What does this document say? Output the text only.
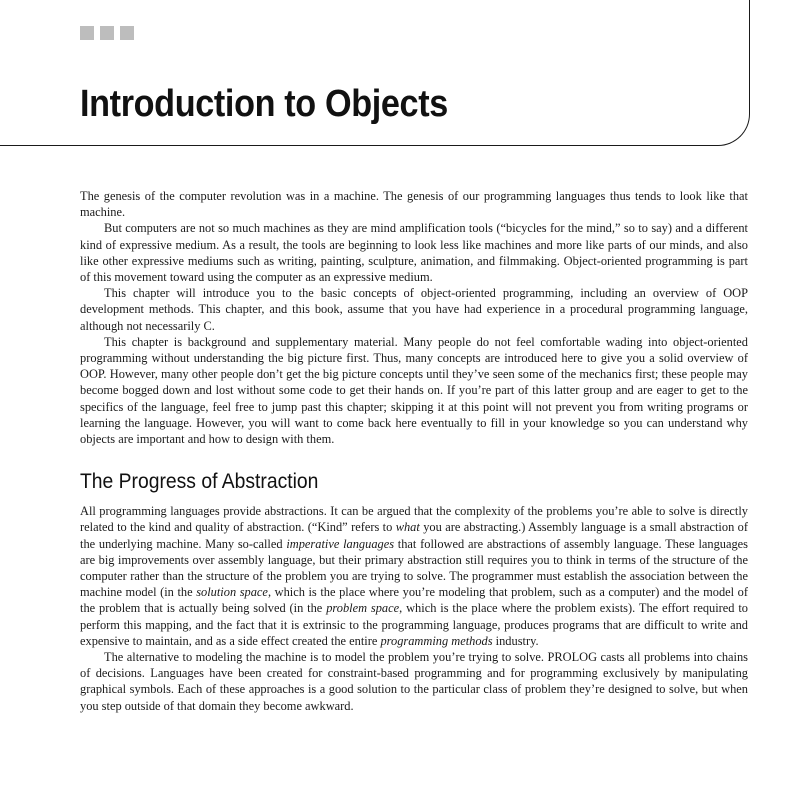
Introduction to Objects

The genesis of the computer revolution was in a machine. The genesis of our programming languages thus tends to look like that machine.

But computers are not so much machines as they are mind amplification tools (“bicycles for the mind,” so to say) and a different kind of expressive medium. As a result, the tools are beginning to look less like machines and more like parts of our minds, and also like other expressive mediums such as writing, painting, sculpture, animation, and filmmaking. Object-oriented programming is part of this movement toward using the computer as an expressive medium.

This chapter will introduce you to the basic concepts of object-oriented programming, including an overview of OOP development methods. This chapter, and this book, assume that you have had experience in a procedural programming language, although not necessarily C.

This chapter is background and supplementary material. Many people do not feel comfortable wading into object-oriented programming without understanding the big picture first. Thus, many concepts are introduced here to give you a solid overview of OOP. However, many other people don’t get the big picture concepts until they’ve seen some of the mechanics first; these people may become bogged down and lost without some code to get their hands on. If you’re part of this latter group and are eager to get to the specifics of the language, feel free to jump past this chapter; skipping it at this point will not prevent you from writing programs or learning the language. However, you will want to come back here eventually to fill in your knowledge so you can understand why objects are important and how to design with them.

The Progress of Abstraction

All programming languages provide abstractions. It can be argued that the complexity of the problems you’re able to solve is directly related to the kind and quality of abstraction. (“Kind” refers to what you are abstracting.) Assembly language is a small abstraction of the underlying machine. Many so-called imperative languages that followed are abstractions of assembly language. These languages are big improvements over assembly language, but their primary abstraction still requires you to think in terms of the structure of the computer rather than the structure of the problem you are trying to solve. The programmer must establish the association between the machine model (in the solution space, which is the place where you’re modeling that problem, such as a computer) and the model of the problem that is actually being solved (in the problem space, which is the place where the problem exists). The effort required to perform this mapping, and the fact that it is extrinsic to the programming language, produces programs that are difficult to write and expensive to maintain, and as a side effect created the entire programming methods industry.

The alternative to modeling the machine is to model the problem you’re trying to solve. PROLOG casts all problems into chains of decisions. Languages have been created for constraint-based programming and for programming exclusively by manipulating graphical symbols. Each of these approaches is a good solution to the particular class of problem they’re designed to solve, but when you step outside of that domain they become awkward.
